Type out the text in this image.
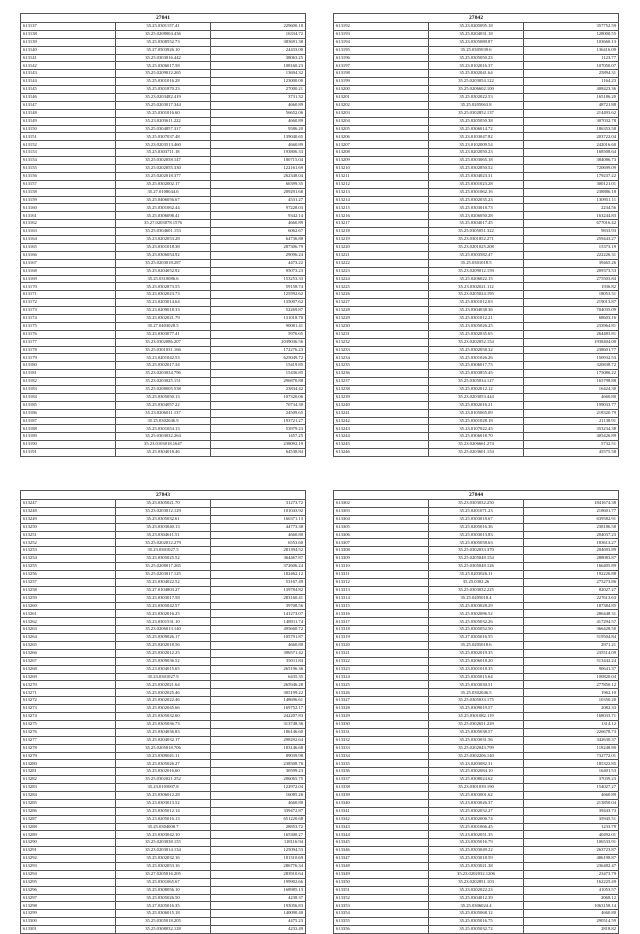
27841		
613137	35.25.0301157.41	229600.18
613138	35.25.0208004.436	16334.72
613139	35.25.0308552.73	383691.38
613140	35.27.0503926.10	24433.00
613141	35.25.0303016.442	38063.25
613142	35.25.0306017.58	108160.23
613143	35.25.0209012.265	13694.32
613144	35.25.0301016.28	123000.00
613145	35.25.0301870.23	27000.21
613146	35.23.0203482.419	3731.32
613147	35.25.0203017.344	4660.89
613148	35.25.0301016.60	56652.06
613149	35.23.0203611.222	4660.89
613150	35.25.0304857.317	9586.20
613151	35.25.0307037.48	139040.65
613152	35.23.0203513.460	4660.89
613153	35.25.0303711.18	193806.33
613154	35.25.0302058.147	180715.04
613155	35.25.0202055.330	122161.69
613156	35.25.0202018.377	262348.04
613157	35.25.0302002.17	66399.35
613158	35.27.0108044.6	209291.68
613159	35.25.0406056.67	4531.27
613160	35.25.0301062.44	97228.03
613161	35.25.0306098.41	9342.14
613162	35.27.0203078.1576	4660.89
613163	35.25.0304601.153	6062.67
613164	35.23.0202053.28	64736.88
613165	35.25.0301018.38	287306.79
613166	35.25.0306054.92	29096.24
613167	35.25.0203018.287	4473.22
613168	35.25.0204052.92	95073.23
613169	35.25.0310086.6	153253.33
613170	35.25.0302873.55	59158.74
613171	35.25.0302023.73	125592.62
613172	35.23.0203014.64	135007.62
613173	35.23.0209018.33	52269.87
613174	35.25.0302021.79	131018.70
613175	35.27.0403028.5	90081.41
613176	35.25.0303077.41	5976.65
613177	35.23.0302086.207	2039036.56
613178	35.25.0301031.166	172276.23
613179	35.23.0201042.53	625049.72
613180	35.25.0302017.34	15419.85
613181	35.23.0203034.796	15436.85
613182	35.23.0203025.151	296870.88
613183	35.25.0208005.538	23834.42
613184	35.25.0305050.13	107320.06
613185	35.25.0304057.22	70734.30
613186	35.23.0206011.137	24509.65
613187	35.25.0302046.9	193721.27
613188	35.25.0301054.13	53979.23
613189	35.25.0303032.264	1457.25
613190	35.23.0103018.1647	238092.19
613191	35.25.0304018.46	64538.84
27842		
613192	35.23.0205095.18	357752.59
613193	35.25.0204031.18	128000.55
613194	35.23.0305080.87	103660.13
613195	35.25.0305039.6	136416.09
613196	35.25.0305050.23	1123.77
613197	35.23.0102016.37	107050.07
613198	35.25.0302041.64	25894.31
613199	35.25.0203054.122	1164.23
613200	35.25.0206602.100	408423.36
613201	35.25.0302022.53	165186.20
613202	35.25.0205063.8	48721.88
613203	35.25.0302852.137	214493.62
613204	35.25.0205050.38	307032.78
613205	35.25.0306014.72	186353.58
613206	35.23.0103047.82	203722.04
613207	35.23.0102009.54	242016.60
613208	35.23.0202050.23	168508.64
613209	35.25.0303065.18	384086.73
613210	35.25.0302850.52	720699.09
613211	35.25.0304023.31	179237.22
613212	35.25.0301023.28	300121.01
613213	35.25.0301062.16	238886.18
613214	35.25.0302035.23	130951.11
613215	35.25.0303018.73	2234.56
613216	35.23.0206050.28	163244.83
613217	35.25.0304017.45	677016.42
613218	35.25.0305051.322	9833.93
613219	35.23.0301852.271	259443.27
613220	35.23.0201025.208	15373.19
613221	35.25.0303582.47	222226.31
613222	35.25.0301018.5	39465.26
613223	35.23.0209012.159	209373.53
613224	35.25.0206022.15	275503.84
613225	35.23.0302021.112	1936.82
613226	35.23.0205024.195	18053.51
613227	35.25.0301012.63	219013.87
613228	35.23.0304038.36	704035.09
613229	35.25.0301012.21	68603.16
613230	35.23.0305026.25	233964.81
613231	35.25.0302035.65	264483.81
613232	35.23.0202052.154	1938404.00
613233	35.25.0302058.32	238601.77
613234	35.25.0301026.26	150932.53
613235	35.25.0306017.75	320838.72
613236	35.25.0303855.45	175086.22
613237	35.25.0305034.127	165798.88
613238	35.25.0302012.12	16424.30
613239	35.23.0203053.444	4660.80
613240	35.25.0302016.21	199033.77
613241	35.23.0105065.09	218320.79
613242	35.25.0301028.18	21138.91
613243	35.23.0107022.45	353234.38
613244	35.25.0306018.70	405426.89
613245	35.23.0206661.274	5732.51
613246	35.25.0203601.154	45575.58
27843		
613247	35.25.0305021.70	31273.72
613248	35.23.0203012.129	101043.92
613249	35.25.0305032.61	166371.13
613250	35.25.0303040.13	44773.38
613251	35.25.0304611.51	4660.80
613252	35.25.0202012.279	6553.60
613253	35.23.0301027.5	281394.52
613254	35.25.0305025.52	364467.87
613255	35.25.0208017.265	372606.24
613256	35.25.0203017.125	182462.12
613257	35.25.0304022.52	53167.49
613258	35.27.0104803.27	139784.82
613259	35.25.0303017.58	283160.41
613260	35.25.0305042.57	39708.56
613261	35.25.0302016.25	141273.07
613262	35.23.0301531.10	148911.74
613263	35.23.0206013.140	495660.72
613264	35.25.0309026.17	105791.87
613265	35.25.0202018.56	4660.80
613266	35.25.0302012.25	396571.42
613267	35.25.0309036.52	35011.84
613268	35.23.0304015.65	265196.36
613269	35.23.0301027.9	6435.35
613270	35.25.0302021.64	265946.28
613271	35.25.0302025.46	305199.22
613272	35.25.0302022.46	148696.61
613273	35.25.0302045.66	169752.17
613274	35.25.0305032.60	242207.83
613275	35.25.0305036.73	313748.36
613276	35.25.0304036.83	186146.60
613277	35.25.0204032.17	298292.64
613278	35.25.0205018.706	183146.68
613279	35.25.0309041.11	89039.98
613280	35.25.0305026.27	238508.76
613281	35.25.0302016.60	30599.23
613282	35.25.0302021.252	206065.75
613283	35.23.0105007.8	122972.04
613284	35.25.0306012.28	16085.26
613285	35.23.0303013.52	4660.80
613286	35.25.0305012.14	339472.87
613287	35.23.0205016.13	651220.68
613288	35.25.0304008.7	28853.72
613289	35.25.0303042.10	165300.27
613290	35.25.0203038.155	118116.94
613291	35.23.0203014.134	125094.53
613292	35.25.0302032.16	181310.69
613293	35.25.0302053.16	286776.34
613294	35.27.0205016.205	283910.64
613295	35.25.0301065.67	199902.66
613296	35.25.0308056.10	168985.13
613297	35.25.0305026.50	4238.37
613298	35.27.0205016.35	193056.83
613299	35.25.0306015.18	140090.40
613300	35.25.0305018.205	4475.23
613301	35.25.0308032.128	4233.49
27844		
613302	35.23.0303032.250	1841674.38
613303	35.25.0201071.23	218601.77
613304	35.25.0303018.67	639582.91
613305	35.25.0205016.36	238186.58
613306	35.25.0303013.83	204037.23
613307	35.25.0305058.63	183613.27
613308	35.25.0302033.370	204693.89
613309	35.25.0205048.154	288083.87
613310	35.25.0305048.126	166405.89
613311	35.25.0203026.11	192226.88
613312	35.25.0302.26	275273.86
613313	35.25.0303032.225	82027.27
613314	35.25.0205018.4	227613.63
613315	35.25.0303028.29	187384.85
613316	35.25.0302086.52	286448.31
613317	35.25.0305032.26	417294.57
613318	35.25.0305052.50	366428.50
613319	35.27.0305016.55	519504.84
613320	35.25.0205018.6	2971.21
613321	35.25.0302019.35	235514.09
613322	35.25.0206018.20	513442.24
613323	35.23.0301018.35	90641.37
613324	35.25.0305015.64	100820.04
613325	35.25.0303030.51	277850.12
613326	35.25.0302046.5	1962.10
613327	35.25.0305033.175	10350.20
613328	35.25.0309019.57	2082.33
613329	35.25.0301082.119	168033.71
613330	35.25.0302651.229	1314.12
613331	35.25.0305038.57	226678.73
613332	35.25.0303031.56	342630.37
613333	35.25.0202043.799	118248.80
613334	35.25.0302206.140	732772.01
613335	35.23.0203082.31	185322.85
613336	35.25.0302084.10	16401.53
613337	35.25.0308024.62	37039.23
613338	35.23.0301039.190	154027.27
613339	35.25.0303001.62	4660.89
613340	35.23.0303026.37	213850.04
613341	35.25.0302032.27	39443.73
613342	35.23.0302006.74	35945.51
613343	35.25.0301066.45	1233.79
613344	35.23.0302051.35	40492.01
613345	35.23.0305016.79	106533.91
613346	35.25.0303049.22	263723.87
613347	35.25.0303018.59	486198.87
613348	35.25.0303021.38	236482.47
613349	35.23.0202032.1206	23473.79
613350	35.23.0202851.103	162225.49
613351	35.23.0202022.23	41053.57
613352	35.25.0304012.39	2068.12
613353	35.25.0306024.4	1063158.14
613354	35.25.0305068.12	4660.80
613355	35.25.0305016.75	290514.59
613356	35.25.0305032.72	2818.82
